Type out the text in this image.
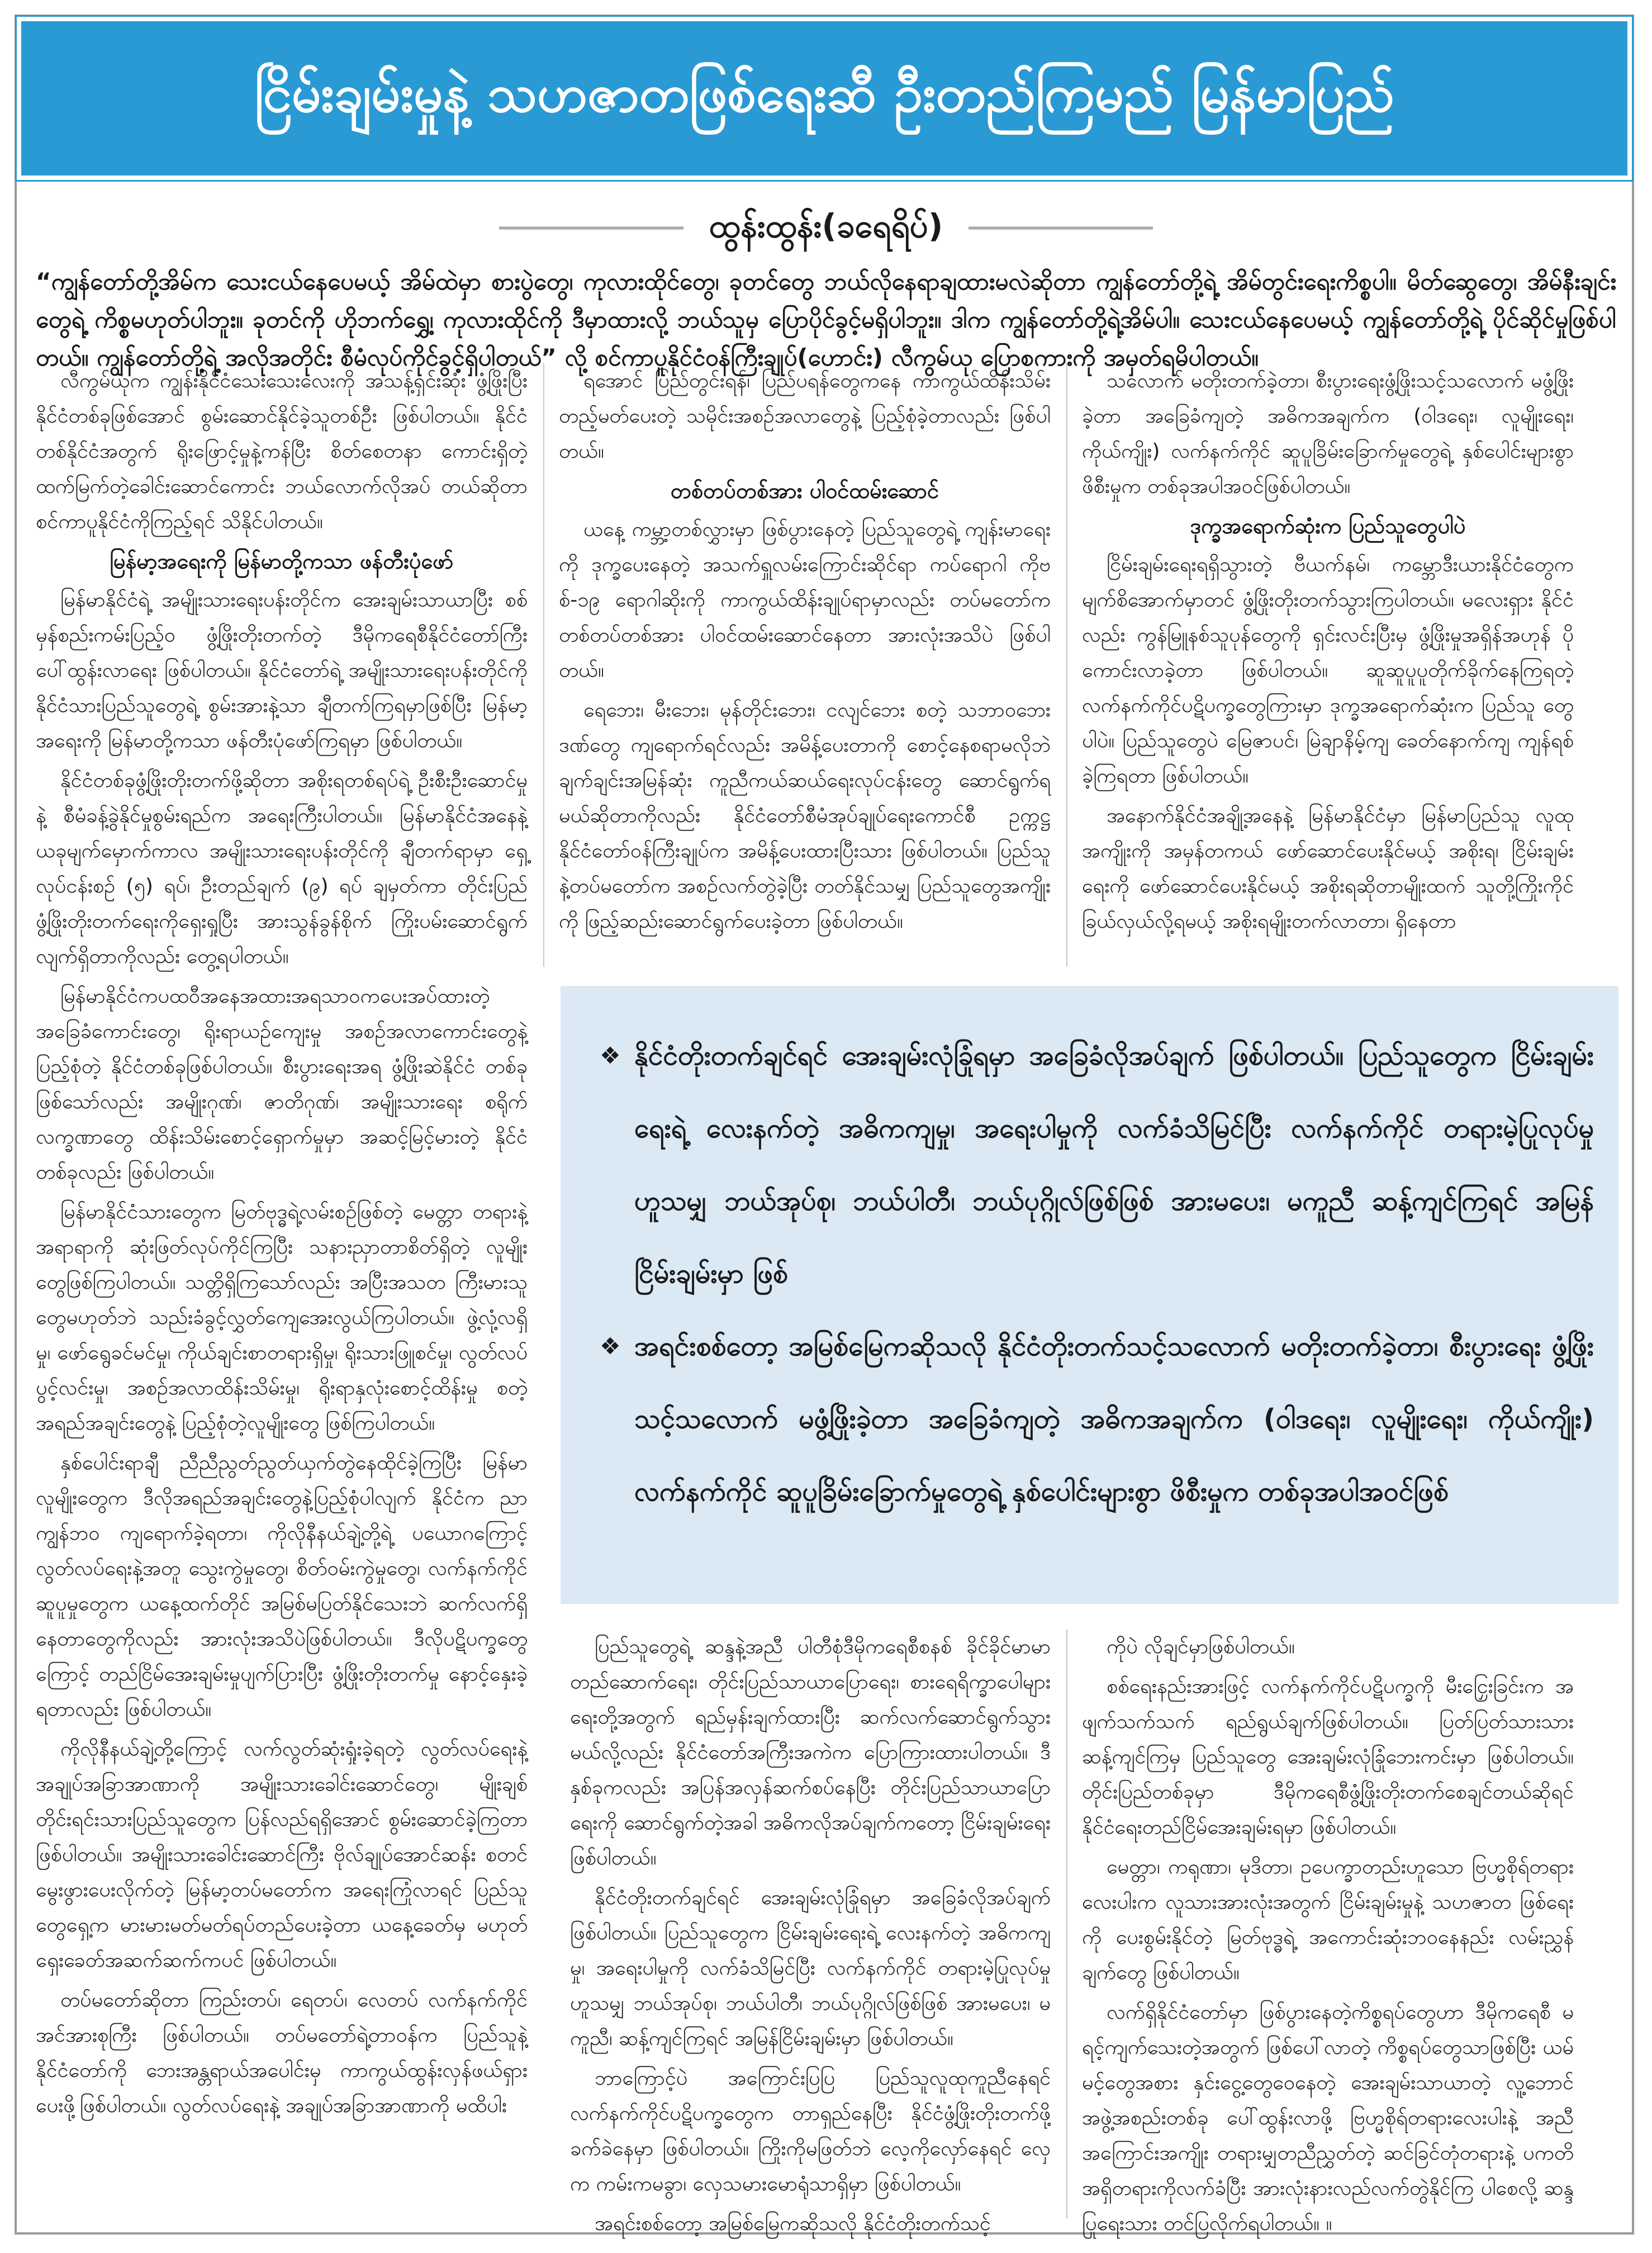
ငြိမ်းချမ်းမှုနဲ့ သဟဇာတဖြစ်ရေးဆီ ဦးတည်ကြမည် မြန်မာပြည်
ထွန်းထွန်း(ခရေရိပ်)
“ကျွန်တော်တို့အိမ်က သေးငယ်နေပေမယ့် အိမ်ထဲမှာ စားပွဲတွေ၊ ကုလားထိုင်တွေ၊ ခုတင်တွေ ဘယ်လိုနေရာချထားမလဲဆိုတာ ကျွန်တော်တို့ရဲ့ အိမ်တွင်းရေးကိစ္စပါ။ မိတ်ဆွေတွေ၊ အိမ်နီးချင်းတွေရဲ့ ကိစ္စမဟုတ်ပါဘူး။ ခုတင်ကို ဟိုဘက်ရွှေ့၊ ကုလားထိုင်ကို ဒီမှာထားလို့ ဘယ်သူမှ ပြောပိုင်ခွင့်မရှိပါဘူး။ ဒါက ကျွန်တော်တို့ရဲ့အိမ်ပါ။ သေးငယ်နေပေမယ့် ကျွန်တော်တို့ရဲ့ ပိုင်ဆိုင်မှုဖြစ်ပါတယ်။ ကျွန်တော်တို့ရဲ့ အလိုအတိုင်း စီမံလုပ်ကိုင်ခွင့်ရှိပါတယ်” လို့ စင်ကာပူနိုင်ငံဝန်ကြီးချုပ်(ဟောင်း) လီကွမ်ယု ပြောစကားကို အမှတ်ရမိပါတယ်။

လီကွမ်ယုက ကျွန်းနိုင်ငံသေးသေးလေးကို အသန့်ရှင်းဆုံး ဖွံ့ဖြိုးပြီးနိုင်ငံတစ်ခုဖြစ်အောင် စွမ်းဆောင်နိုင်ခဲ့သူတစ်ဦး ဖြစ်ပါတယ်။ နိုင်ငံတစ်နိုင်ငံအတွက် ရိုးဖြောင့်မှုနဲ့ကန်ပြီး စိတ်စေတနာ ကောင်းရှိတဲ့ ထက်မြက်တဲ့ခေါင်းဆောင်ကောင်း ဘယ်လောက်လိုအပ် တယ်ဆိုတာ စင်ကာပူနိုင်ငံကိုကြည့်ရင် သိနိုင်ပါတယ်။

မြန်မာ့အရေးကို မြန်မာတို့ကသာ ဖန်တီးပုံဖော်

မြန်မာနိုင်ငံရဲ့ အမျိုးသားရေးပန်းတိုင်က အေးချမ်းသာယာပြီး စစ်မှန်စည်းကမ်းပြည့်ဝ ဖွံ့ဖြိုးတိုးတက်တဲ့ ဒီမိုကရေစီနိုင်ငံတော်ကြီး ပေါ်ထွန်းလာရေး ဖြစ်ပါတယ်။ နိုင်ငံတော်ရဲ့ အမျိုးသားရေးပန်းတိုင်ကို နိုင်ငံသားပြည်သူတွေရဲ့ စွမ်းအားနဲ့သာ ချီတက်ကြရမှာဖြစ်ပြီး မြန်မာ့အရေးကို မြန်မာတို့ကသာ ဖန်တီးပုံဖော်ကြရမှာ ဖြစ်ပါတယ်။

နိုင်ငံတစ်ခုဖွံ့ဖြိုးတိုးတက်ဖို့ဆိုတာ အစိုးရတစ်ရပ်ရဲ့ ဦးစီးဦးဆောင်မှုနဲ့ စီမံခန့်ခွဲနိုင်မှုစွမ်းရည်က အရေးကြီးပါတယ်။ မြန်မာနိုင်ငံအနေနဲ့ ယခုမျက်မှောက်ကာလ အမျိုးသားရေးပန်းတိုင်ကို ချီတက်ရာမှာ ရှေ့လုပ်ငန်းစဉ် (၅) ရပ်၊ ဦးတည်ချက် (၉) ရပ် ချမှတ်ကာ တိုင်းပြည်ဖွံ့ဖြိုးတိုးတက်ရေးကိုရှေးရှုပြီး အားသွန်ခွန်စိုက် ကြိုးပမ်းဆောင်ရွက်လျက်ရှိတာကိုလည်း တွေ့ရပါတယ်။

မြန်မာနိုင်ငံကပထဝီအနေအထားအရသာဝကပေးအပ်ထားတဲ့ အခြေခံကောင်းတွေ၊ ရိုးရာယဉ်ကျေးမှု အစဉ်အလာကောင်းတွေနဲ့ ပြည့်စုံတဲ့ နိုင်ငံတစ်ခုဖြစ်ပါတယ်။ စီးပွားရေးအရ ဖွံ့ဖြိုးဆဲနိုင်ငံ တစ်ခုဖြစ်သော်လည်း အမျိုးဂုဏ်၊ ဇာတိဂုဏ်၊ အမျိုးသားရေး စရိုက်လက္ခဏာတွေ ထိန်းသိမ်းစောင့်ရှောက်မှုမှာ အဆင့်မြင့်မားတဲ့ နိုင်ငံတစ်ခုလည်း ဖြစ်ပါတယ်။

မြန်မာနိုင်ငံသားတွေက မြတ်ဗုဒ္ဓရဲ့လမ်းစဉ်ဖြစ်တဲ့ မေတ္တာ တရားနဲ့ အရာရာကို ဆုံးဖြတ်လုပ်ကိုင်ကြပြီး သနားညှာတာစိတ်ရှိတဲ့ လူမျိုးတွေဖြစ်ကြပါတယ်။ သတ္တိရှိကြသော်လည်း အပြီးအသတ ကြီးမားသူတွေမဟုတ်ဘဲ သည်းခံခွင့်လွှတ်ကျေအေးလွယ်ကြပါတယ်။ ဖွဲ့လုံ့လရှိမှု၊ ဖော်ရွေခင်မင်မှု၊ ကိုယ်ချင်းစာတရားရှိမှု၊ ရိုးသားဖြူစင်မှု၊ လွတ်လပ်ပွင့်လင်းမှု၊ အစဉ်အလာထိန်းသိမ်းမှု၊ ရိုးရာနှလုံးစောင့်ထိန်းမှု စတဲ့ အရည်အချင်းတွေနဲ့ ပြည့်စုံတဲ့လူမျိုးတွေ ဖြစ်ကြပါတယ်။

နှစ်ပေါင်းရာချီ ညီညီညွတ်ညွတ်ယှက်တွဲနေထိုင်ခဲ့ကြပြီး မြန်မာလူမျိုးတွေက ဒီလိုအရည်အချင်းတွေနဲ့ပြည့်စုံပါလျက် နိုင်ငံက ညာကျွန်ဘဝ ကျရောက်ခဲ့ရတာ၊ ကိုလိုနီနယ်ချဲ့တို့ရဲ့ ပယောဂကြောင့် လွတ်လပ်ရေးနဲ့အတူ သွေးကွဲမှုတွေ၊ စိတ်ဝမ်းကွဲမှုတွေ၊ လက်နက်ကိုင်ဆူပူမှုတွေက ယနေ့ထက်တိုင် အမြစ်မပြတ်နိုင်သေးဘဲ ဆက်လက်ရှိနေတာတွေကိုလည်း အားလုံးအသိပဲဖြစ်ပါတယ်။ ဒီလိုပဋိပက္ခတွေကြောင့် တည်ငြိမ်အေးချမ်းမှုပျက်ပြားပြီး ဖွံ့ဖြိုးတိုးတက်မှု နောင့်နှေးခဲ့ရတာလည်း ဖြစ်ပါတယ်။

ကိုလိုနီနယ်ချဲ့တို့ကြောင့် လက်လွတ်ဆုံးရှုံးခဲ့ရတဲ့ လွတ်လပ်ရေးနဲ့ အချုပ်အခြာအာဏာကို အမျိုးသားခေါင်းဆောင်တွေ၊ မျိုးချစ်တိုင်းရင်းသားပြည်သူတွေက ပြန်လည်ရရှိအောင် စွမ်းဆောင်ခဲ့ကြတာ ဖြစ်ပါတယ်။ အမျိုးသားခေါင်းဆောင်ကြီး ဗိုလ်ချုပ်အောင်ဆန်း စတင်မွေးဖွားပေးလိုက်တဲ့ မြန်မာ့တပ်မတော်က အရေးကြုံလာရင် ပြည်သူတွေရှေ့က မားမားမတ်မတ်ရပ်တည်ပေးခဲ့တာ ယနေ့ခေတ်မှ မဟုတ် ရှေးခေတ်အဆက်ဆက်ကပင် ဖြစ်ပါတယ်။

တပ်မတော်ဆိုတာ ကြည်းတပ်၊ ရေတပ်၊ လေတပ် လက်နက်ကိုင် အင်အားစုကြီး ဖြစ်ပါတယ်။ တပ်မတော်ရဲ့တာဝန်က ပြည်သူနဲ့ နိုင်ငံတော်ကို ဘေးအန္တရာယ်အပေါင်းမှ ကာကွယ်ထွန်းလှန်ဖယ်ရှား ပေးဖို့ဖြစ်ပါတယ်။ လွတ်လပ်ရေးနဲ့ အချုပ်အခြာအာဏာကို မထိပါး

ရအောင် ပြည်တွင်းရန်၊ ပြည်ပရန်တွေကနေ ကာကွယ်ထိန်းသိမ်း တည့်မတ်ပေးတဲ့ သမိုင်းအစဉ်အလာတွေနဲ့ ပြည့်စုံခဲ့တာလည်း ဖြစ်ပါတယ်။

တစ်တပ်တစ်အား ပါဝင်ထမ်းဆောင်

ယနေ့ ကမ္ဘာ့တစ်လွှားမှာ ဖြစ်ပွားနေတဲ့ ပြည်သူတွေရဲ့ ကျန်းမာရေးကို ဒုက္ခပေးနေတဲ့ အသက်ရှူလမ်းကြောင်းဆိုင်ရာ ကပ်ရောဂါ ကိုဗစ်-၁၉ ရောဂါဆိုးကို ကာကွယ်ထိန်းချုပ်ရာမှာလည်း တပ်မတော်က တစ်တပ်တစ်အား ပါဝင်ထမ်းဆောင်နေတာ အားလုံးအသိပဲ ဖြစ်ပါတယ်။

ရေဘေး၊ မီးဘေး၊ မုန်တိုင်းဘေး၊ ငလျင်ဘေး စတဲ့ သဘာဝဘေး ဒဏ်တွေ ကျရောက်ရင်လည်း အမိန့်ပေးတာကို စောင့်နေစရာမလိုဘဲ ချက်ချင်းအမြန်ဆုံး ကူညီကယ်ဆယ်ရေးလုပ်ငန်းတွေ ဆောင်ရွက်ရမယ်ဆိုတာကိုလည်း နိုင်ငံတော်စီမံအုပ်ချုပ်ရေးကောင်စီ ဥက္ကဋ္ဌ နိုင်ငံတော်ဝန်ကြီးချုပ်က အမိန့်ပေးထားပြီးသား ဖြစ်ပါတယ်။ ပြည်သူနဲ့တပ်မတော်က အစဉ်လက်တွဲခဲ့ပြီး တတ်နိုင်သမျှ ပြည်သူတွေအကျိုးကို ဖြည့်ဆည်းဆောင်ရွက်ပေးခဲ့တာ ဖြစ်ပါတယ်။

သလောက် မတိုးတက်ခဲ့တာ၊ စီးပွားရေးဖွံ့ဖြိုးသင့်သလောက် မဖွံ့ဖြိုးခဲ့တာ အခြေခံကျတဲ့ အဓိကအချက်က (ဝါဒရေး၊ လူမျိုးရေး၊ ကိုယ်ကျိုး) လက်နက်ကိုင် ဆူပူခြိမ်းခြောက်မှုတွေရဲ့ နှစ်ပေါင်းများစွာ ဖိစီးမှုက တစ်ခုအပါအဝင်ဖြစ်ပါတယ်။

ဒုက္ခအရောက်ဆုံးက ပြည်သူတွေပါပဲ

ငြိမ်းချမ်းရေးရရှိသွားတဲ့ ဗီယက်နမ်၊ ကမ္ဘောဒီးယားနိုင်ငံတွေက မျက်စိအောက်မှာတင် ဖွံ့ဖြိုးတိုးတက်သွားကြပါတယ်။ မလေးရှား နိုင်ငံလည်း ကွန်မြူနစ်သူပုန်တွေကို ရှင်းလင်းပြီးမှ ဖွံ့ဖြိုးမှုအရှိန်အဟုန် ပိုကောင်းလာခဲ့တာ ဖြစ်ပါတယ်။ ဆူဆူပူပူတိုက်ခိုက်နေကြရတဲ့ လက်နက်ကိုင်ပဋိပက္ခတွေကြားမှာ ဒုက္ခအရောက်ဆုံးက ပြည်သူ တွေပါပဲ။ ပြည်သူတွေပဲ မြေဇာပင်၊ မြဲချာနိမ့်ကျ ခေတ်နောက်ကျ ကျန်ရစ်ခဲ့ကြရတာ ဖြစ်ပါတယ်။

အနောက်နိုင်ငံအချို့အနေနဲ့ မြန်မာနိုင်ငံမှာ မြန်မာပြည်သူ လူထုအကျိုးကို အမှန်တကယ် ဖော်ဆောင်ပေးနိုင်မယ့် အစိုးရ၊ ငြိမ်းချမ်းရေးကို ဖော်ဆောင်ပေးနိုင်မယ့် အစိုးရဆိုတာမျိုးထက် သူတို့ကြိုးကိုင်ခြယ်လှယ်လို့ရမယ့် အစိုးရမျိုးတက်လာတာ၊ ရှိနေတာ

❖ နိုင်ငံတိုးတက်ချင်ရင် အေးချမ်းလုံခြုံရမှာ အခြေခံလိုအပ်ချက် ဖြစ်ပါတယ်။ ပြည်သူတွေက ငြိမ်းချမ်းရေးရဲ့ လေးနက်တဲ့ အဓိကကျမှု၊ အရေးပါမှုကို လက်ခံသိမြင်ပြီး လက်နက်ကိုင် တရားမဲ့ပြုလုပ်မှု ဟူသမျှ ဘယ်အုပ်စု၊ ဘယ်ပါတီ၊ ဘယ်ပုဂ္ဂိုလ်ဖြစ်ဖြစ် အားမပေး၊ မကူညီ ဆန့်ကျင်ကြရင် အမြန်ငြိမ်းချမ်းမှာ ဖြစ်

❖ အရင်းစစ်တော့ အမြစ်မြေကဆိုသလို နိုင်ငံတိုးတက်သင့်သလောက် မတိုးတက်ခဲ့တာ၊ စီးပွားရေး ဖွံ့ဖြိုးသင့်သလောက် မဖွံ့ဖြိုးခဲ့တာ အခြေခံကျတဲ့ အဓိကအချက်က (ဝါဒရေး၊ လူမျိုးရေး၊ ကိုယ်ကျိုး) လက်နက်ကိုင် ဆူပူခြိမ်းခြောက်မှုတွေရဲ့ နှစ်ပေါင်းများစွာ ဖိစီးမှုက တစ်ခုအပါအဝင်ဖြစ်

ပြည်သူတွေရဲ့ ဆန္ဒနဲ့အညီ ပါတီစုံဒီမိုကရေစီစနစ် ခိုင်ခိုင်မာမာ တည်ဆောက်ရေး၊ တိုင်းပြည်သာယာပြောရေး၊ စားရေရိက္ခာပေါများရေးတို့အတွက် ရည်မှန်းချက်ထားပြီး ဆက်လက်ဆောင်ရွက်သွားမယ်လို့လည်း နိုင်ငံတော်အကြီးအကဲက ပြောကြားထားပါတယ်။ ဒီနှစ်ခုကလည်း အပြန်အလှန်ဆက်စပ်နေပြီး တိုင်းပြည်သာယာပြောရေးကို ဆောင်ရွက်တဲ့အခါ အဓိကလိုအပ်ချက်ကတော့ ငြိမ်းချမ်းရေး ဖြစ်ပါတယ်။

နိုင်ငံတိုးတက်ချင်ရင် အေးချမ်းလုံခြုံရမှာ အခြေခံလိုအပ်ချက် ဖြစ်ပါတယ်။ ပြည်သူတွေက ငြိမ်းချမ်းရေးရဲ့ လေးနက်တဲ့ အဓိကကျမှု၊ အရေးပါမှုကို လက်ခံသိမြင်ပြီး လက်နက်ကိုင် တရားမဲ့ပြုလုပ်မှု ဟူသမျှ ဘယ်အုပ်စု၊ ဘယ်ပါတီ၊ ဘယ်ပုဂ္ဂိုလ်ဖြစ်ဖြစ် အားမပေး၊ မကူညီ၊ ဆန့်ကျင်ကြရင် အမြန်ငြိမ်းချမ်းမှာ ဖြစ်ပါတယ်။

ဘာကြောင့်ပဲ အကြောင်းပြပြ ပြည်သူလူထုကူညီနေရင် လက်နက်ကိုင်ပဋိပက္ခတွေက တာရှည်နေပြီး နိုင်ငံဖွံ့ဖြိုးတိုးတက်ဖို့ ခက်ခဲနေမှာ ဖြစ်ပါတယ်။ ကြိုးကိုမဖြတ်ဘဲ လေ့ကိုလှော်နေရင် လှေက ကမ်းကမခွာ၊ လှေသမားမောရုံသာရှိမှာ ဖြစ်ပါတယ်။

အရင်းစစ်တော့ အမြစ်မြေကဆိုသလို နိုင်ငံတိုးတက်သင့်

ကိုပဲ လိုချင်မှာဖြစ်ပါတယ်။

စစ်ရေးနည်းအားဖြင့် လက်နက်ကိုင်ပဋိပက္ခကို မီးငြှေးခြင်းက အဖျက်သက်သက် ရည်ရွယ်ချက်ဖြစ်ပါတယ်။ ပြတ်ပြတ်သားသား ဆန့်ကျင်ကြမှ ပြည်သူတွေ အေးချမ်းလုံခြုံဘေးကင်းမှာ ဖြစ်ပါတယ်။ တိုင်းပြည်တစ်ခုမှာ ဒီမိုကရေစီဖွံ့ဖြိုးတိုးတက်စေချင်တယ်ဆိုရင် နိုင်ငံရေးတည်ငြိမ်အေးချမ်းရမှာ ဖြစ်ပါတယ်။

မေတ္တာ၊ ကရုဏာ၊ မုဒိတာ၊ ဥပေက္ခာတည်းဟူသော ဗြဟ္မစိုရ်တရား လေးပါးက လူသားအားလုံးအတွက် ငြိမ်းချမ်းမှုနဲ့ သဟဇာတ ဖြစ်ရေးကို ပေးစွမ်းနိုင်တဲ့ မြတ်ဗုဒ္ဓရဲ့ အကောင်းဆုံးဘဝနေနည်း လမ်းညွှန်ချက်တွေ ဖြစ်ပါတယ်။

လက်ရှိနိုင်ငံတော်မှာ ဖြစ်ပွားနေတဲ့ကိစ္စရပ်တွေဟာ ဒီမိုကရေစီ မရင့်ကျက်သေးတဲ့အတွက် ဖြစ်ပေါ်လာတဲ့ ကိစ္စရပ်တွေသာဖြစ်ပြီး ယမ်မင့်တွေအစား နှင်းငွေ့တွေဝေနေတဲ့ အေးချမ်းသာယာတဲ့ လူ့ဘောင်အဖွဲ့အစည်းတစ်ခု ပေါ်ထွန်းလာဖို့ ဗြဟ္မစိုရ်တရားလေးပါးနဲ့ အညီ အကြောင်းအကျိုး တရားမျှတညီညွှတ်တဲ့ ဆင်ခြင်တုံတရားနဲ့ ပကတိအရှိတရားကိုလက်ခံပြီး အားလုံးနားလည်လက်တွဲနိုင်ကြ ပါစေလို့ ဆန္ဒပြုရေးသား တင်ပြလိုက်ရပါတယ်။ ။
